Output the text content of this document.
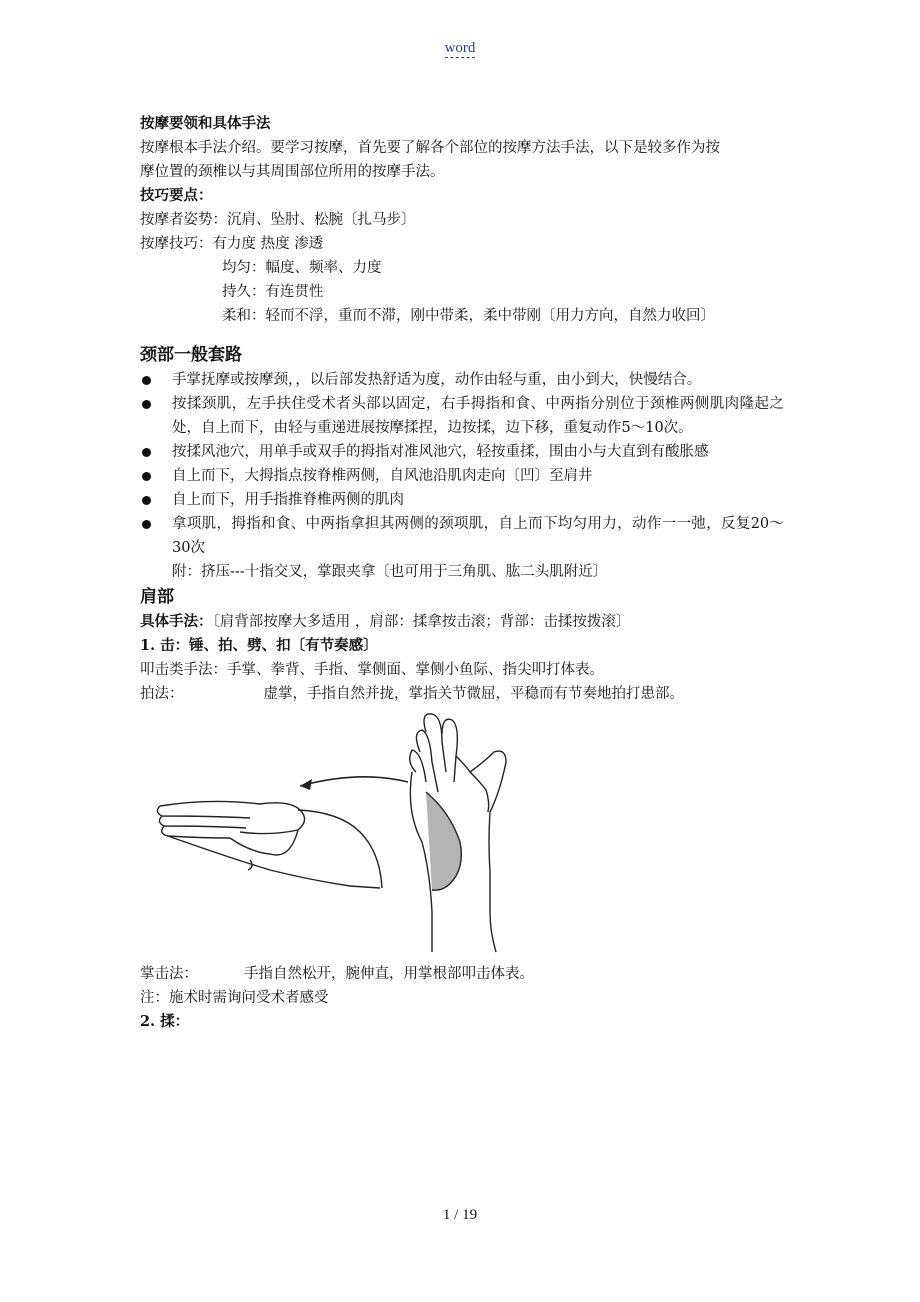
word
按摩要领和具体手法
按摩根本手法介绍。要学习按摩，首先要了解各个部位的按摩方法手法，以下是较多作为按
摩位置的颈椎以与其周围部位所用的按摩手法。
技巧要点：
按摩者姿势：沉肩、坠肘、松腕〔扎马步〕
按摩技巧：有力度 热度 渗透
均匀：幅度、频率、力度
持久：有连贯性
柔和：轻而不浮，重而不滞，刚中带柔，柔中带刚〔用力方向，自然力收回〕
颈部一般套路
手掌抚摩或按摩颈，，以后部发热舒适为度，动作由轻与重，由小到大，快慢结合。
按揉颈肌，左手扶住受术者头部以固定，右手拇指和食、中两指分别位于颈椎两侧肌肉隆起之处，自上而下，由轻与重递进展按摩揉捏，边按揉，边下移，重复动作5～10次。
按揉风池穴，用单手或双手的拇指对准风池穴，轻按重揉，围由小与大直到有酸胀感
自上而下，大拇指点按脊椎两侧，自风池沿肌肉走向〔凹〕至肩井
自上而下，用手指推脊椎两侧的肌肉
拿项肌，拇指和食、中两指拿担其两侧的颈项肌，自上而下均匀用力，动作一一弛，反复20～30次
附：挤压---十指交叉，掌跟夹拿〔也可用于三角肌、肱二头肌附近〕
肩部
具体手法：〔肩背部按摩大多适用 ，肩部：揉拿按击滚；背部：击揉按拨滚〕
1. 击：锤、拍、劈、扣〔有节奏感〕
叩击类手法：手掌、拳背、手指、掌侧面、掌侧小鱼际、指尖叩打体表。
拍法：	虚掌，手指自然并拢，掌指关节微屈，平稳而有节奏地拍打患部。
掌击法：	手指自然松开，腕伸直，用掌根部叩击体表。
注：施术时需询问受术者感受
2. 揉：
1 / 19
